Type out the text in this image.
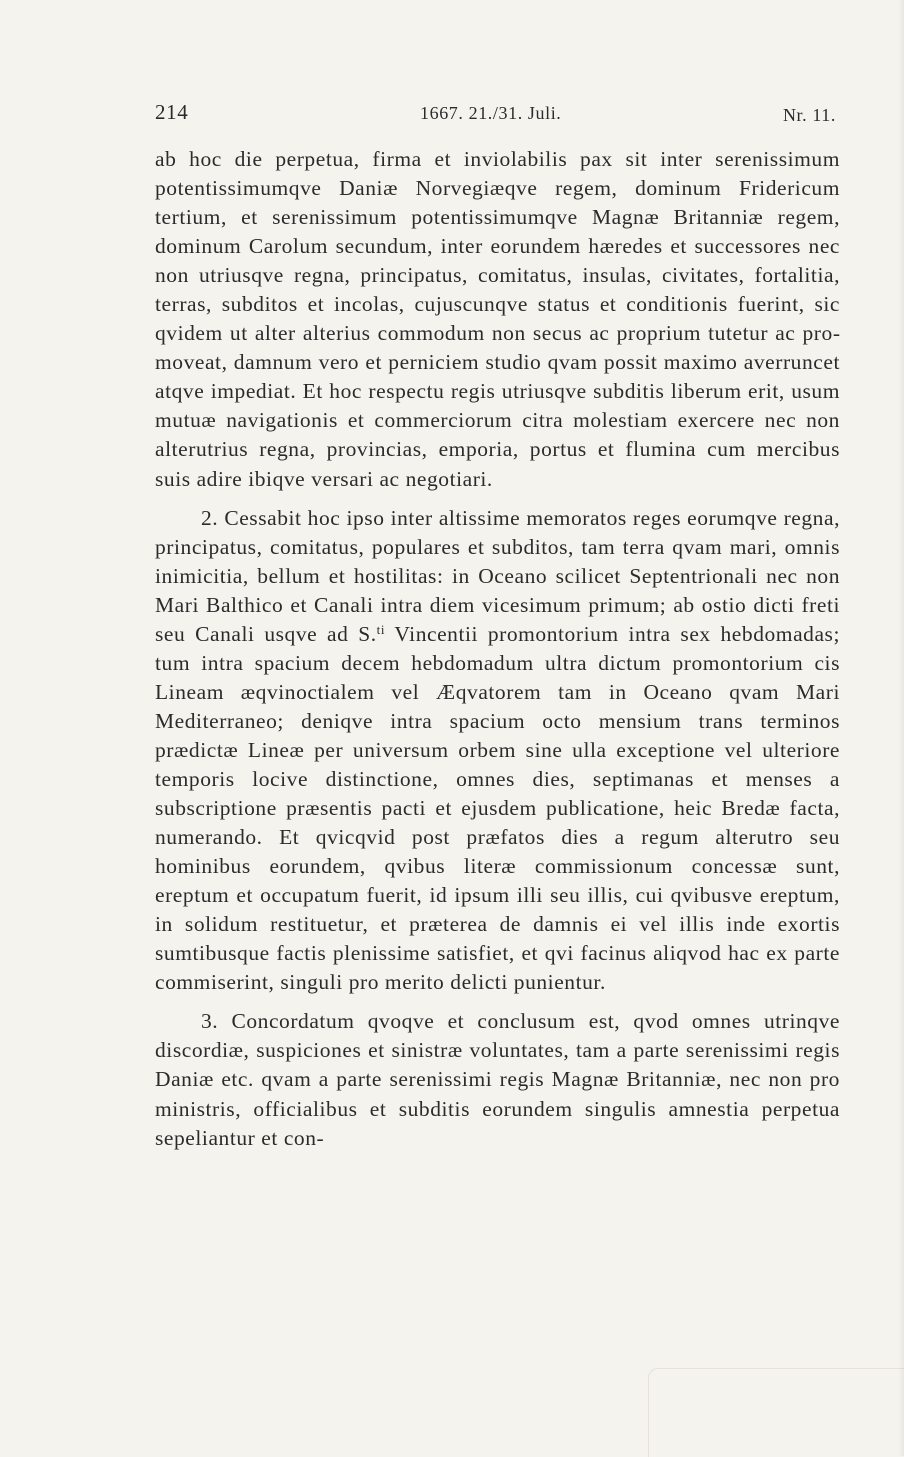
214	1667. 21./31. Juli.	Nr. 11.

ab hoc die perpetua, firma et inviolabilis pax sit inter serenissimum potentissimumqve Daniæ Norvegiæqve regem, dominum Fridericum tertium, et serenissimum potentissimumqve Magnæ Britanniæ regem, dominum Carolum secundum, inter eorundem hæredes et successores nec non utriusqve regna, principatus, comitatus, insulas, civitates, fortalitia, terras, subditos et incolas, cujuscunqve status et conditionis fuerint, sic qvidem ut alter alterius commodum non secus ac proprium tutetur ac promoveat, damnum vero et perniciem studio qvam possit maximo averruncet atqve impediat. Et hoc respectu regis utriusqve subditis liberum erit, usum mutuæ navigationis et commerciorum citra molestiam exercere nec non alterutrius regna, provincias, emporia, portus et flumina cum mercibus suis adire ibiqve versari ac negotiari.

2. Cessabit hoc ipso inter altissime memoratos reges eorumqve regna, principatus, comitatus, populares et subditos, tam terra qvam mari, omnis inimicitia, bellum et hostilitas: in Oceano scilicet Septentrionali nec non Mari Balthico et Canali intra diem vicesimum primum; ab ostio dicti freti seu Canali usqve ad S.$^{ti}$ Vincentii promontorium intra sex hebdomadas; tum intra spacium decem hebdomadum ultra dictum promontorium cis Lineam æqvinoctialem vel Æqvatorem tam in Oceano qvam Mari Mediterraneo; deniqve intra spacium octo mensium trans terminos prædictæ Lineæ per universum orbem sine ulla exceptione vel ulteriore temporis locive distinctione, omnes dies, septimanas et menses a subscriptione præsentis pacti et ejusdem publicatione, heic Bredæ facta, numerando. Et qvicqvid post præfatos dies a regum alterutro seu hominibus eorundem, qvibus literæ commissionum concessæ sunt, ereptum et occupatum fuerit, id ipsum illi seu illis, cui qvibusve ereptum, in solidum restituetur, et præterea de damnis ei vel illis inde exortis sumtibusque factis plenissime satisfiet, et qvi facinus aliqvod hac ex parte commiserint, singuli pro merito delicti punientur.

3. Concordatum qvoqve et conclusum est, qvod omnes utrinqve discordiæ, suspiciones et sinistræ voluntates, tam a parte serenissimi regis Daniæ etc. qvam a parte serenissimi regis Magnæ Britanniæ, nec non pro ministris, officialibus et subditis eorundem singulis amnestia perpetua sepeliantur et con-
